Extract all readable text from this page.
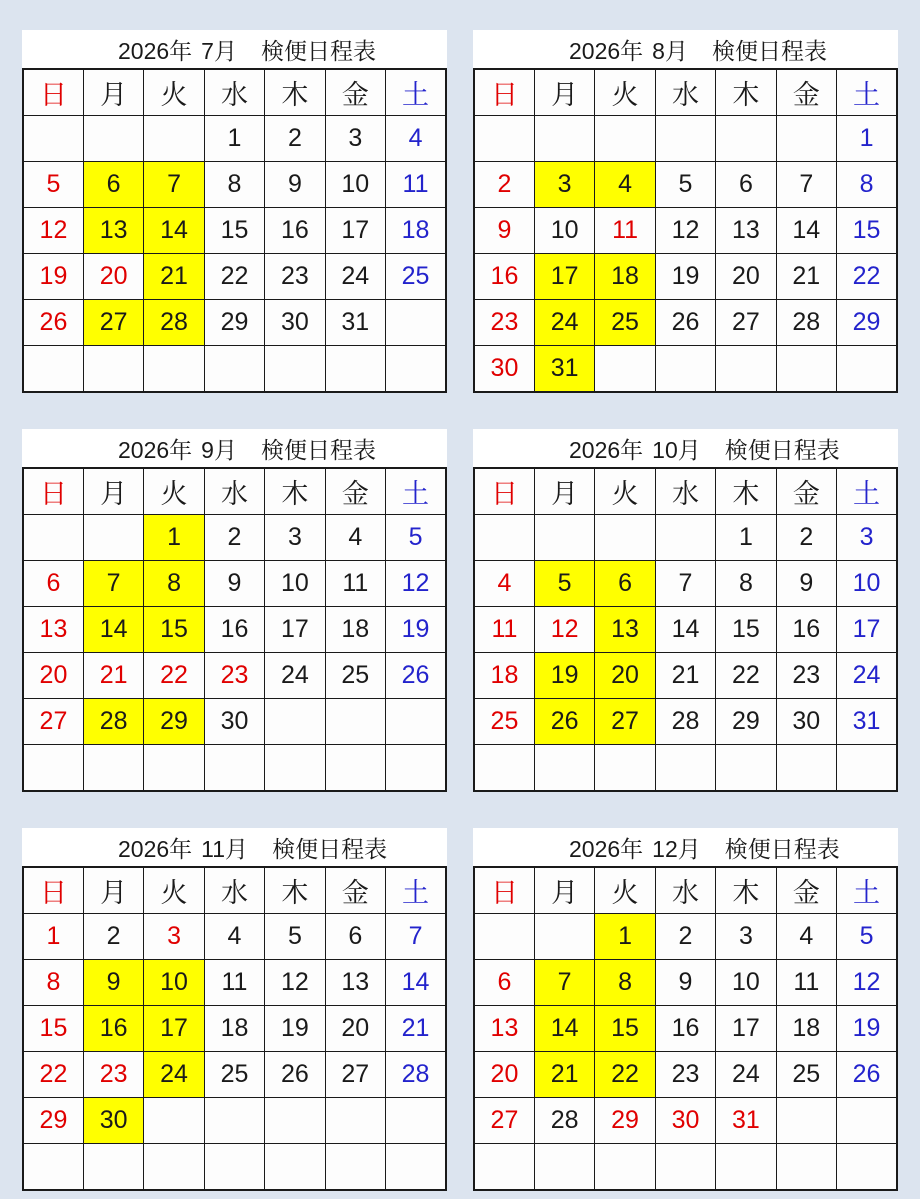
2026年 7月 検便日程表
日	月	火	水	木	金	土
			1	2	3	4
5	6	7	8	9	10	11
12	13	14	15	16	17	18
19	20	21	22	23	24	25
26	27	28	29	30	31	

2026年 8月 検便日程表
日	月	火	水	木	金	土
						1
2	3	4	5	6	7	8
9	10	11	12	13	14	15
16	17	18	19	20	21	22
23	24	25	26	27	28	29
30	31					
2026年 9月 検便日程表
日	月	火	水	木	金	土
		1	2	3	4	5
6	7	8	9	10	11	12
13	14	15	16	17	18	19
20	21	22	23	24	25	26
27	28	29	30			

2026年 10月 検便日程表
日	月	火	水	木	金	土
				1	2	3
4	5	6	7	8	9	10
11	12	13	14	15	16	17
18	19	20	21	22	23	24
25	26	27	28	29	30	31

2026年 11月 検便日程表
日	月	火	水	木	金	土
1	2	3	4	5	6	7
8	9	10	11	12	13	14
15	16	17	18	19	20	21
22	23	24	25	26	27	28
29	30					

2026年 12月 検便日程表
日	月	火	水	木	金	土
		1	2	3	4	5
6	7	8	9	10	11	12
13	14	15	16	17	18	19
20	21	22	23	24	25	26
27	28	29	30	31		
